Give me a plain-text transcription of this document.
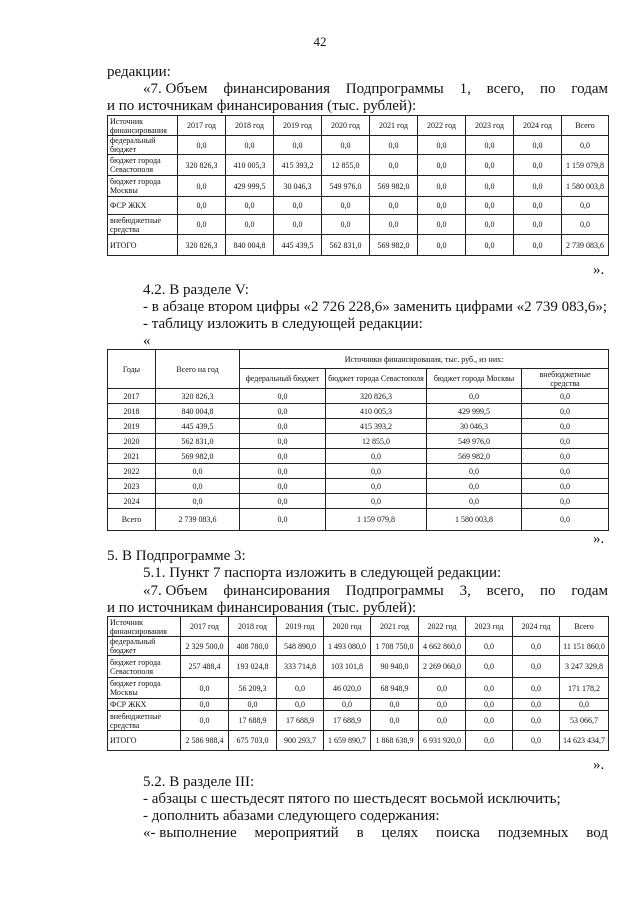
42
редакции:
«7. Объем финансирования Подпрограммы 1, всего, по годам
и по источникам финансирования (тыс. рублей):
Источник финансирования	2017 год	2018 год	2019 год	2020 год	2021 год	2022 год	2023 год	2024 год	Всего
федеральный бюджет	0,0	0,0	0,0	0,0	0,0	0,0	0,0	0,0	0,0
бюджет города Севастополя	320 826,3	410 005,3	415 393,2	12 855,0	0,0	0,0	0,0	0,0	1 159 079,8
бюджет города Москвы	0,0	429 999,5	30 046,3	549 976,0	569 982,0	0,0	0,0	0,0	1 580 003,8
ФСР ЖКХ	0,0	0,0	0,0	0,0	0,0	0,0	0,0	0,0	0,0
внебюджетные средства	0,0	0,0	0,0	0,0	0,0	0,0	0,0	0,0	0,0
ИТОГО	320 826,3	840 004,8	445 439,5	562 831,0	569 982,0	0,0	0,0	0,0	2 739 083,6
».
4.2. В разделе V:
- в абзаце втором цифры «2 726 228,6» заменить цифрами «2 739 083,6»;
- таблицу изложить в следующей редакции:
«
Годы	Всего на год	Источники финансирования, тыс. руб., из них:			
		федеральный бюджет	бюджет города Севастополя	бюджет города Москвы	внебюджетные средства
2017	320 826,3	0,0	320 826,3	0,0	0,0
2018	840 004,8	0,0	410 005,3	429 999,5	0,0
2019	445 439,5	0,0	415 393,2	30 046,3	0,0
2020	562 831,0	0,0	12 855,0	549 976,0	0,0
2021	569 982,0	0,0	0,0	569 982,0	0,0
2022	0,0	0,0	0,0	0,0	0,0
2023	0,0	0,0	0,0	0,0	0,0
2024	0,0	0,0	0,0	0,0	0,0
Всего	2 739 083,6	0,0	1 159 079,8	1 580 003,8	0,0
».
5. В Подпрограмме 3:
5.1. Пункт 7 паспорта изложить в следующей редакции:
«7. Объем финансирования Подпрограммы 3, всего, по годам
и по источникам финансирования (тыс. рублей):
Источник финансирования	2017 год	2018 год	2019 год	2020 год	2021 год	2022 год	2023 год	2024 год	Всего
федеральный бюджет	2 329 500,0	408 780,0	548 890,0	1 493 080,0	1 708 750,0	4 662 860,0	0,0	0,0	11 151 860,0
бюджет города Севастополя	257 488,4	193 024,8	333 714,8	103 101,8	90 940,0	2 269 060,0	0,0	0,0	3 247 329,8
бюджет города Москвы	0,0	56 209,3	0,0	46 020,0	68 948,9	0,0	0,0	0,0	171 178,2
ФСР ЖКХ	0,0	0,0	0,0	0,0	0,0	0,0	0,0	0,0	0,0
внебюджетные средства	0,0	17 688,9	17 688,9	17 688,9	0,0	0,0	0,0	0,0	53 066,7
ИТОГО	2 586 988,4	675 703,0	900 293,7	1 659 890,7	1 868 638,9	6 931 920,0	0,0	0,0	14 623 434,7
».
5.2. В разделе III:
- абзацы с шестьдесят пятого по шестьдесят восьмой исключить;
- дополнить абазами следующего содержания:
«- выполнение мероприятий в целях поиска подземных вод
